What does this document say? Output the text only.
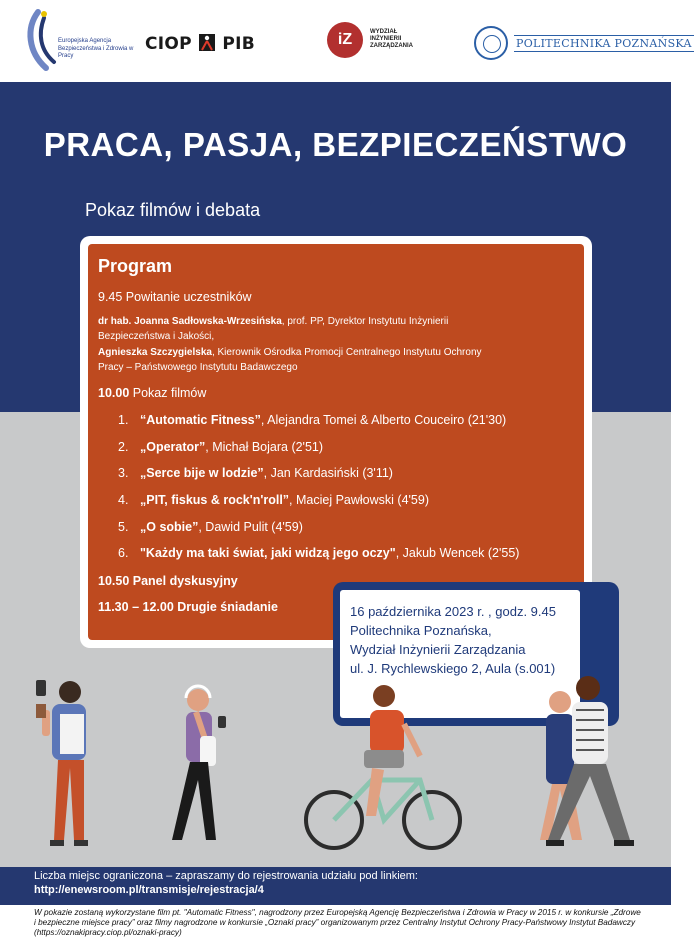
Europejska Agencja Bezpieczeństwa i Zdrowia w Pracy
CIOP PIB	iZ	WYDZIAŁ
INŻYNIERII
ZARZĄDZANIA	POLITECHNIKA POZNAŃSKA
PRACA, PASJA, BEZPIECZEŃSTWO
Pokaz filmów i debata
Program
9.45 Powitanie uczestników
dr hab. Joanna Sadłowska-Wrzesińska, prof. PP, Dyrektor Instytutu Inżynierii
Bezpieczeństwa i Jakości,
Agnieszka Szczygielska, Kierownik Ośrodka Promocji Centralnego Instytutu Ochrony
Pracy – Państwowego Instytutu Badawczego
10.00 Pokaz filmów
1. “Automatic Fitness”, Alejandra Tomei & Alberto Couceiro (21'30)
2. „Operator”, Michał Bojara (2'51)
3. „Serce bije w lodzie”, Jan Kardasiński (3'11)
4. „PIT, fiskus & rock'n'roll”, Maciej Pawłowski (4'59)
5. „O sobie”, Dawid Pulit (4'59)
6. "Każdy ma taki świat, jaki widzą jego oczy", Jakub Wencek (2'55)
10.50 Panel dyskusyjny
11.30 – 12.00 Drugie śniadanie	16 października 2023 r. , godz. 9.45
Politechnika Poznańska,
Wydział Inżynierii Zarządzania
ul. J. Rychlewskiego 2, Aula (s.001)
Liczba miejsc ograniczona – zapraszamy do rejestrowania udziału pod linkiem:
http://enewsroom.pl/transmisje/rejestracja/4
W pokazie zostaną wykorzystane film pt. "Automatic Fitness", nagrodzony przez Europejską Agencję Bezpieczeństwa i Zdrowia w Pracy w 2015 r. w konkursie „Zdrowe i bezpieczne miejsce pracy” oraz filmy nagrodzone w konkursie „Oznaki pracy” organizowanym przez Centralny Instytut Ochrony Pracy-Państwowy Instytut Badawczy (https://oznakipracy.ciop.pl/oznaki-pracy)
